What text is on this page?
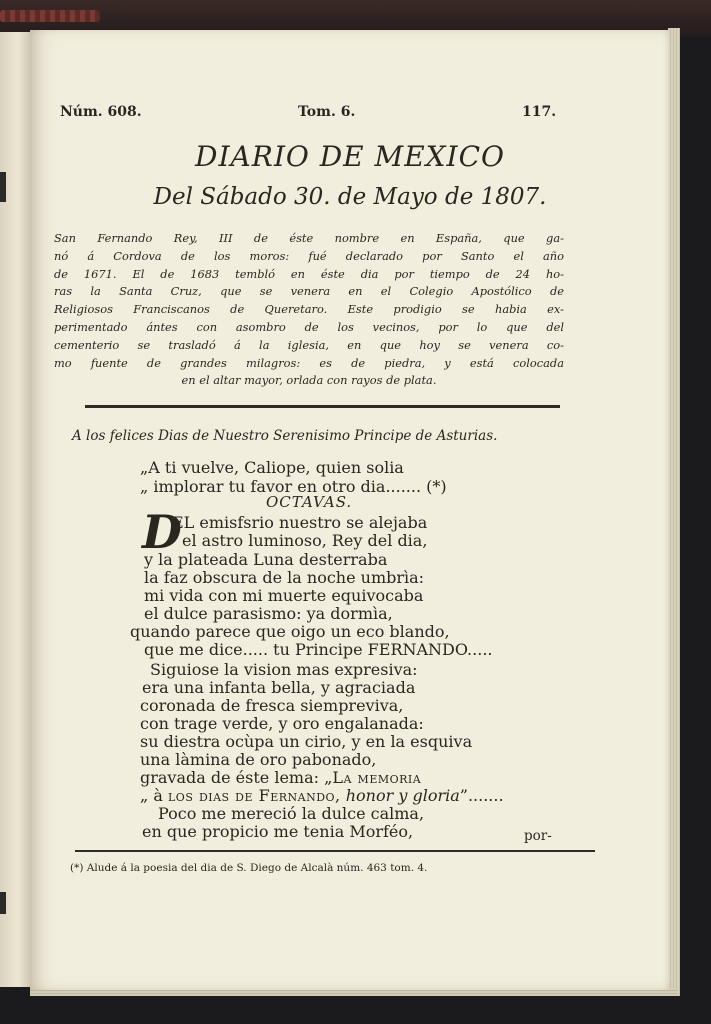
Núm. 608.	Tom. 6.	117.
DIARIO DE MEXICO
Del Sábado 30. de Mayo de 1807.
San Fernando Rey, III de éste nombre en España, que ga-
nó á Cordova de los moros: fué declarado por Santo el año
de 1671. El de 1683 tembló en éste dia por tiempo de 24 ho-
ras la Santa Cruz, que se venera en el Colegio Apostólico de
Religiosos Franciscanos de Queretaro. Este prodigio se habia ex-
perimentado ántes con asombro de los vecinos, por lo que del
cementerio se trasladó á la iglesia, en que hoy se venera co-
mo fuente de grandes milagros: es de piedra, y está colocada
en el altar mayor, orlada con rayos de plata.
A los felices Dias de Nuestro Serenisimo Principe de Asturias.
„A ti vuelve, Caliope, quien solia
„ implorar tu favor en otro dia....... (*)
OCTAVAS.
D
EL emisfsrio nuestro se alejaba
el astro luminoso, Rey del dia,
y la plateada Luna desterraba
la faz obscura de la noche umbrìa:
mi vida con mi muerte equivocaba
el dulce parasismo: ya dormìa,
quando parece que oigo un eco blando,
que me dice..... tu Principe FERNANDO.....
Siguiose la vision mas expresiva:
era una infanta bella, y agraciada
coronada de fresca siempreviva,
con trage verde, y oro engalanada:
su diestra ocùpa un cirio, y en la esquiva
una làmina de oro pabonado,
gravada de éste lema: „La memoria
„ à los dias de Fernando, honor y gloria”.......
Poco me mereció la dulce calma,
en que propicio me tenia Morféo,	por-
(*) Alude á la poesia del dia de S. Diego de Alcalà núm. 463 tom. 4.
